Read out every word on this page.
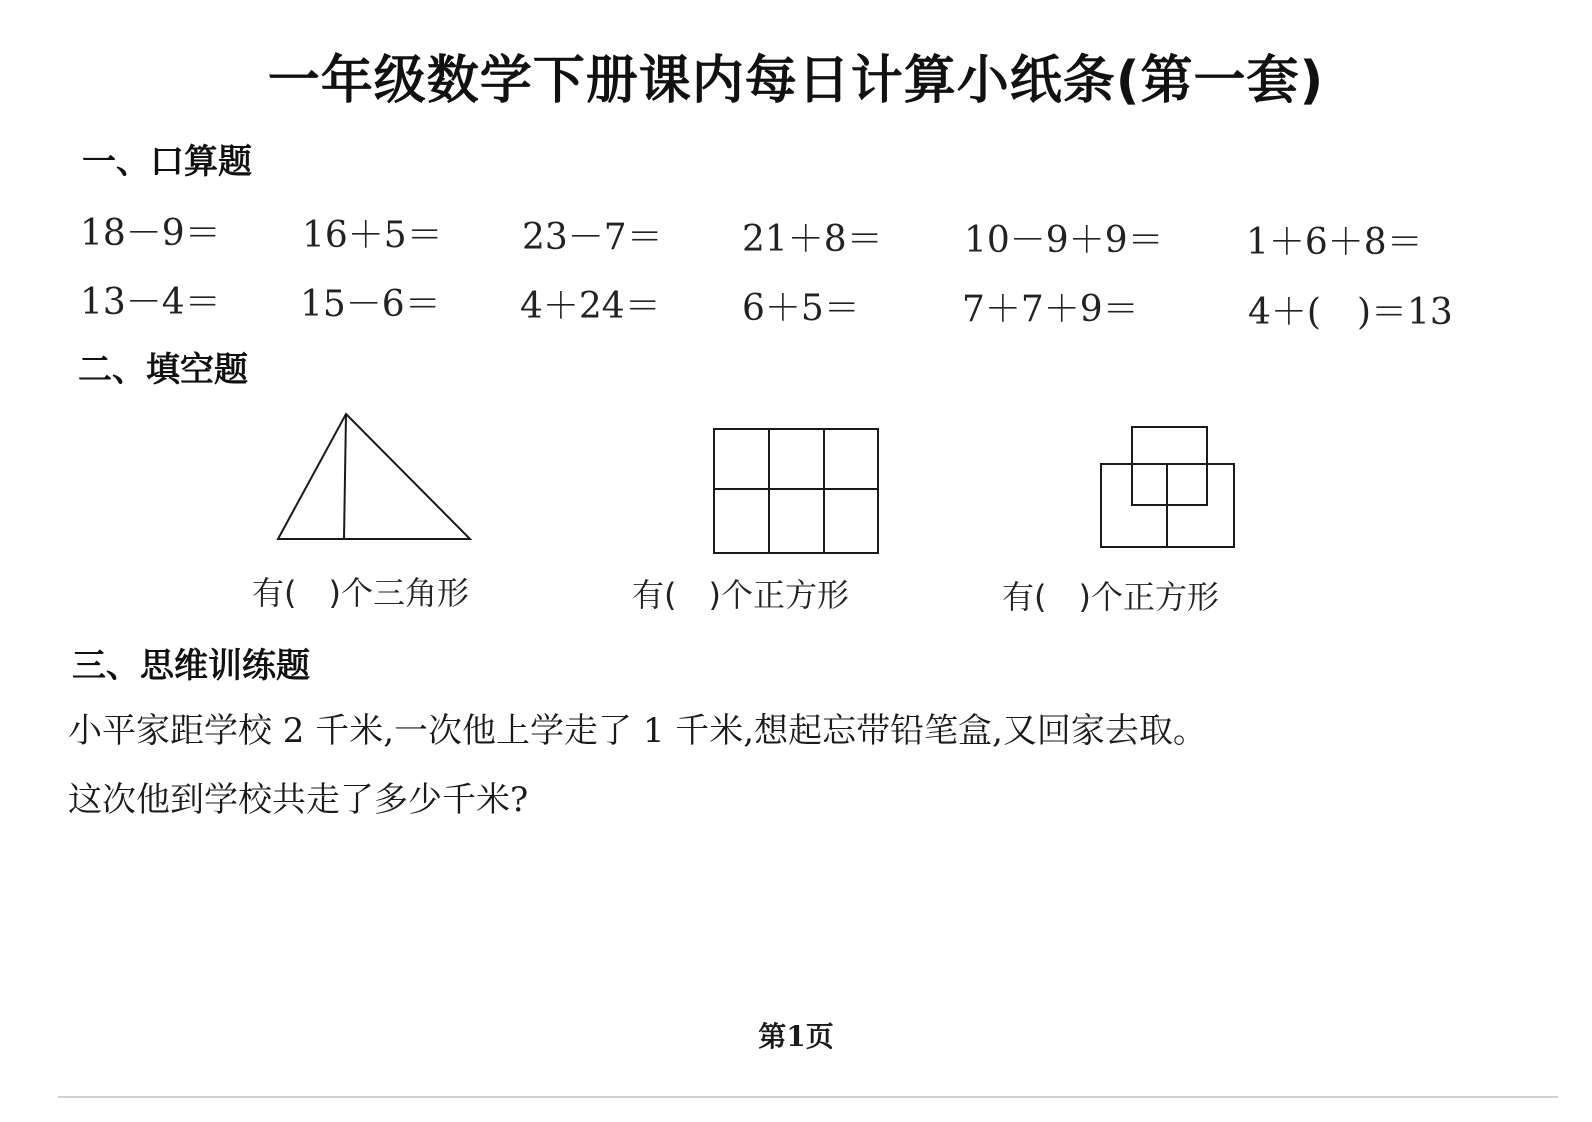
一年级数学下册课内每日计算小纸条(第一套)
一、口算题
18－9＝ 16＋5＝ 23－7＝ 21＋8＝ 10－9＋9＝ 1＋6＋8＝
13－4＝ 15－6＝ 4＋24＝ 6＋5＝	7＋7＋9＝	4＋(　)＝13
二、填空题
有(　)个三角形	有(　)个正方形	有(　)个正方形
三、思维训练题
小平家距学校 2 千米,一次他上学走了 1 千米,想起忘带铅笔盒,又回家去取。
这次他到学校共走了多少千米?
第1页
